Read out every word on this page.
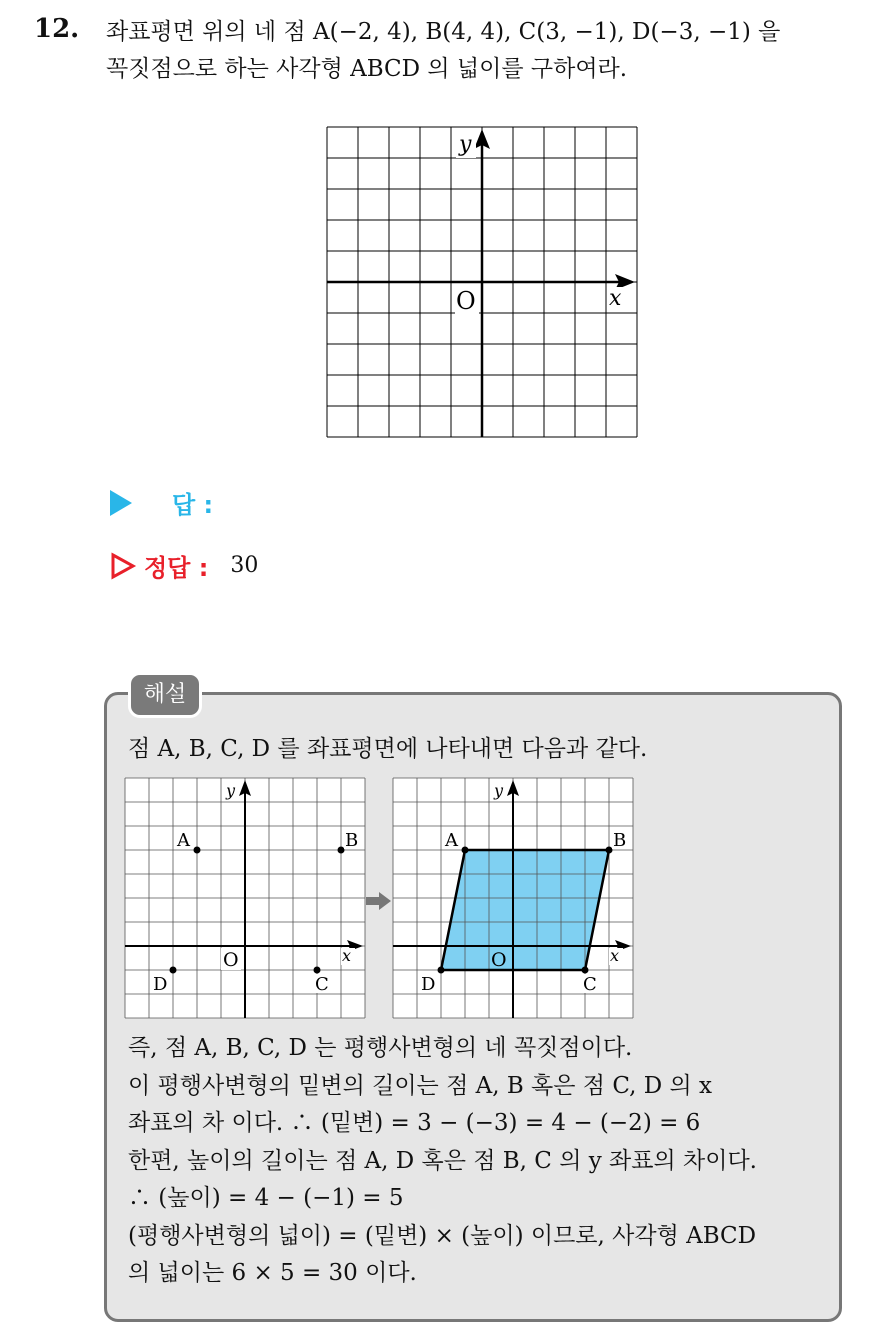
12. 좌표평면 위의 네 점 A(−2, 4), B(4, 4), C(3, −1), D(−3, −1) 을
꼭짓점으로 하는 사각형 ABCD 의 넓이를 구하여라.
y
O	x
답 :
정답 : 30
해설
점 A, B, C, D 를 좌표평면에 나타내면 다음과 같다.
A	B
C
D
y
O	x
A	B
C
D
y
O	x
즉, 점 A, B, C, D 는 평행사변형의 네 꼭짓점이다.
이 평행사변형의 밑변의 길이는 점 A, B 혹은 점 C, D 의 x
좌표의 차 이다. ∴ (밑변) = 3 − (−3) = 4 − (−2) = 6
한편, 높이의 길이는 점 A, D 혹은 점 B, C 의 y 좌표의 차이다.
∴ (높이) = 4 − (−1) = 5
(평행사변형의 넓이) = (밑변) × (높이) 이므로, 사각형 ABCD
의 넓이는 6 × 5 = 30 이다.
